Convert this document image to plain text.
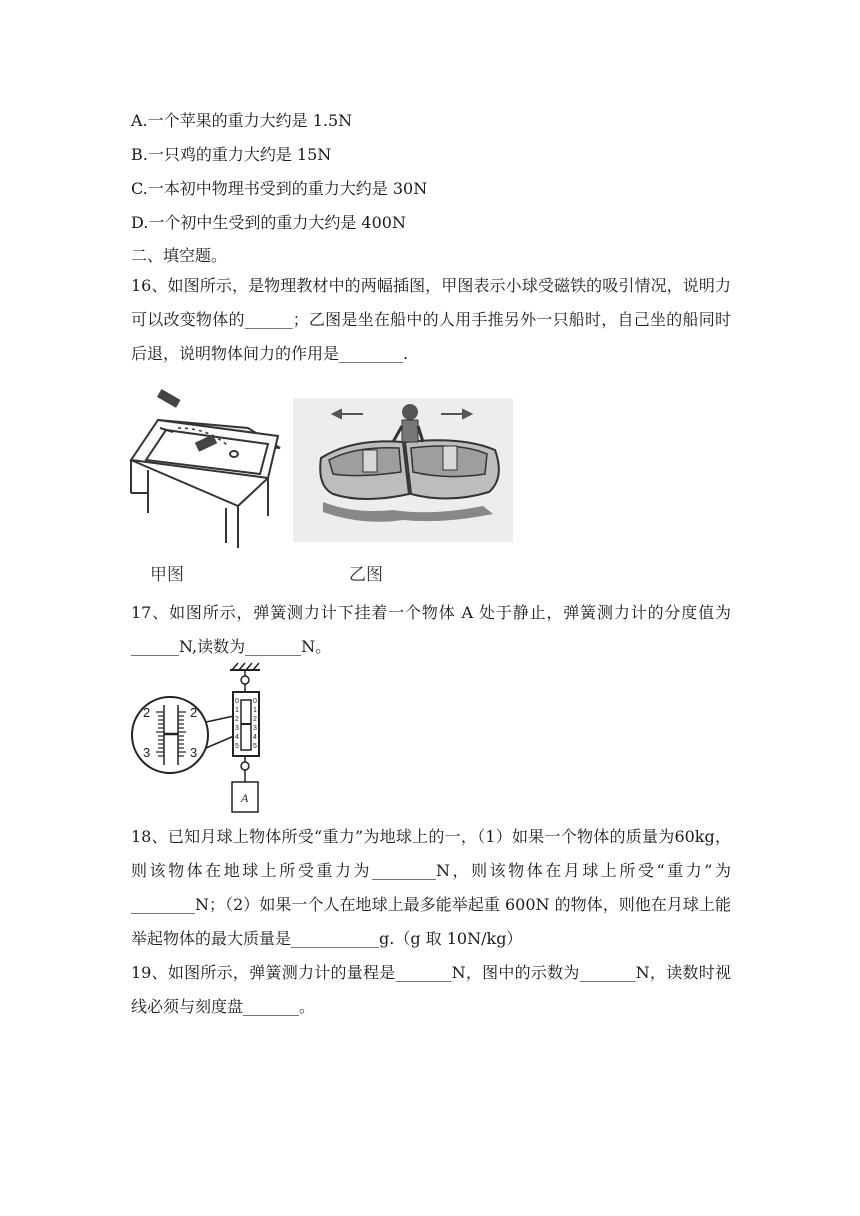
A.一个苹果的重力大约是 1.5N
B.一只鸡的重力大约是 15N
C.一本初中物理书受到的重力大约是 30N
D.一个初中生受到的重力大约是 400N
二、填空题。
16、如图所示，是物理教材中的两幅插图，甲图表示小球受磁铁的吸引情况，说明力可以改变物体的______；乙图是坐在船中的人用手推另外一只船时，自己坐的船同时后退，说明物体间力的作用是________.
甲图	乙图
17、如图所示，弹簧测力计下挂着一个物体 A 处于静止，弹簧测力计的分度值为______N,读数为_______N。
2	2
3	3
0
1
2
3
4
5
0
1
2
3
4
5
A
18、已知月球上物体所受“重力”为地球上的一，（1）如果一个物体的质量为60kg，则该物体在地球上所受重力为________N，则该物体在月球上所受“重力”为________N；（2）如果一个人在地球上最多能举起重 600N 的物体，则他在月球上能举起物体的最大质量是___________g.（g 取 10N/kg）
19、如图所示，弹簧测力计的量程是_______N，图中的示数为_______N，读数时视线必须与刻度盘_______。
